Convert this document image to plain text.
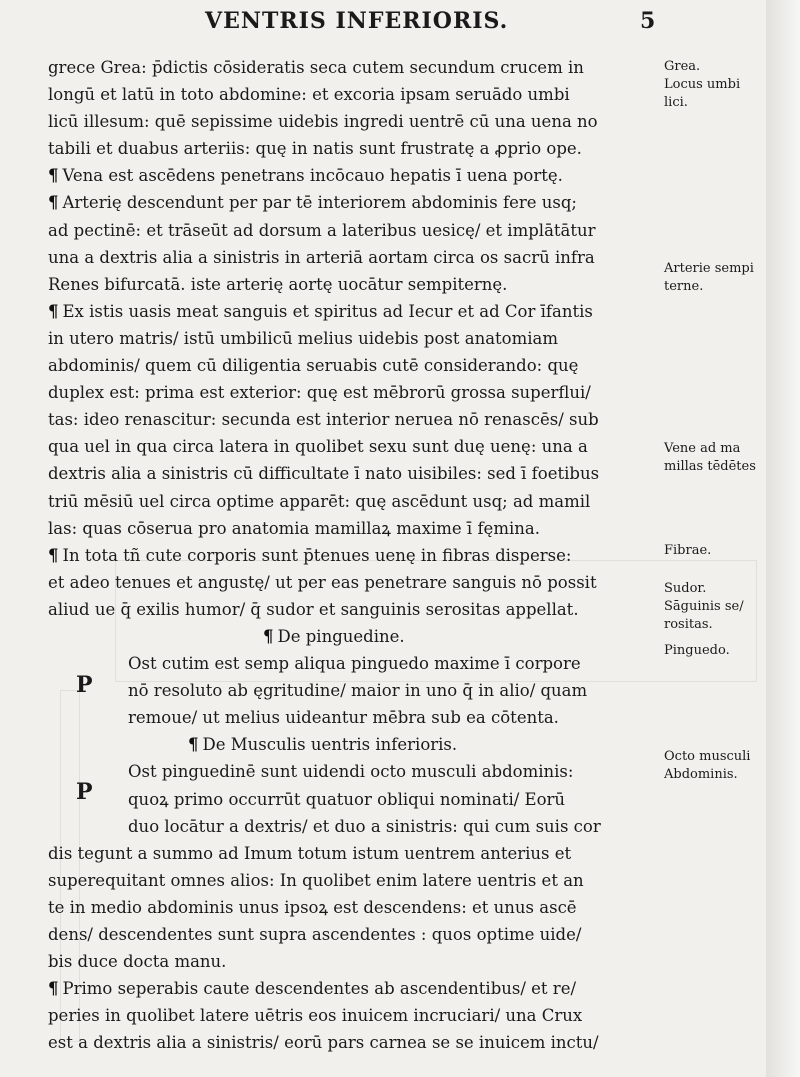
VENTRIS INFERIORIS.	5
grece Grea: p̄dictis cōsideratis seca cutem secundum crucem in
longū et latū in toto abdomine: et excoria ipsam seruādo umbi
licū illesum: quē sepissime uidebis ingredi uentrē cū una uena no
tabili et duabus arteriis: quę in natis sunt frustratę a ꝓprio ope.
¶ Vena est ascēdens penetrans incōcauo hepatis ī uena portę.
¶ Arterię descendunt per par tē interiorem abdominis fere usq;
ad pectinē: et trāseūt ad dorsum a lateribus uesicę/ et implātātur
una a dextris alia a sinistris in arteriā aortam circa os sacrū infra
Renes bifurcatā. iste arterię aortę uocātur sempiternę.
¶ Ex istis uasis meat sanguis et spiritus ad Iecur et ad Cor īfantis
in utero matris/ istū umbilicū melius uidebis post anatomiam
abdominis/ quem cū diligentia seruabis cutē considerando: quę
duplex est: prima est exterior: quę est mēbrorū grossa superflui/
tas: ideo renascitur: secunda est interior neruea nō renascēs/ sub
qua uel in qua circa latera in quolibet sexu sunt duę uenę: una a
dextris alia a sinistris cū difficultate ī nato uisibiles: sed ī foetibus
triū mēsiū uel circa optime apparēt: quę ascēdunt usq; ad mamil
las: quas cōserua pro anatomia mamillaꝝ maxime ī fęmina.
¶ In tota tñ cute corporis sunt p̄tenues uenę in fibras disperse:
et adeo tenues et angustę/ ut per eas penetrare sanguis nō possit
aliud ue q̄ exilis humor/ q̄ sudor et sanguinis serositas appellat.
¶ De pinguedine.
Ost cutim est semp aliqua pinguedo maxime ī corpore
nō resoluto ab ęgritudine/ maior in uno q̄ in alio/ quam
remoue/ ut melius uideantur mēbra sub ea cōtenta.
¶ De Musculis uentris inferioris.
Ost pinguedinē sunt uidendi octo musculi abdominis:
quoꝝ primo occurrūt quatuor obliqui nominati/ Eorū
duo locātur a dextris/ et duo a sinistris: qui cum suis cor
dis tegunt a summo ad Imum totum istum uentrem anterius et
superequitant omnes alios: In quolibet enim latere uentris et an
te in medio abdominis unus ipsoꝝ est descendens: et unus ascē
dens/ descendentes sunt supra ascendentes : quos optime uide/
bis duce docta manu.
¶ Primo seperabis caute descendentes ab ascendentibus/ et re/
peries in quolibet latere uētris eos inuicem incruciari/ una Crux
est a dextris alia a sinistris/ eorū pars carnea se se inuicem inctu/
P
P
Grea.
Locus umbi
lici.
Arterie sempi
terne.
Vene ad ma
millas tēdētes
Fibrae.
Sudor.
Sāguinis se/
rositas.
Pinguedo.
Octo musculi
Abdominis.
